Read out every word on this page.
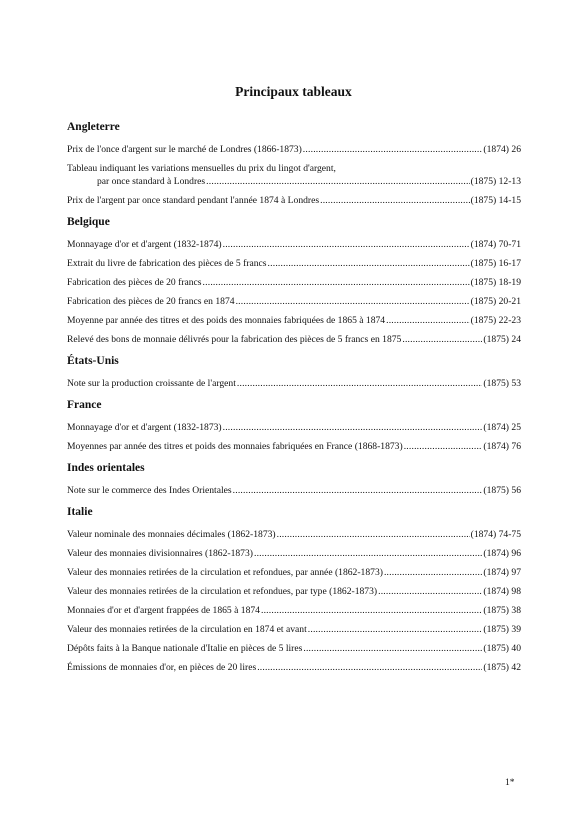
Principaux tableaux
Angleterre
Prix de l'once d'argent sur le marché de Londres (1866-1873) .....	(1874) 26
Tableau indiquant les variations mensuelles du prix du lingot d'argent,
par once standard à Londres .....	(1875) 12-13
Prix de l'argent par once standard pendant l'année 1874 à Londres .....	(1875) 14-15
Belgique
Monnayage d'or et d'argent (1832-1874) .....	(1874) 70-71
Extrait du livre de fabrication des pièces de 5 francs .....	(1875) 16-17
Fabrication des pièces de 20 francs .....	(1875) 18-19
Fabrication des pièces de 20 francs en 1874 .....	(1875) 20-21
Moyenne par année des titres et des poids des monnaies fabriquées de 1865 à 1874 .....	(1875) 22-23
Relevé des bons de monnaie délivrés pour la fabrication des pièces de 5 francs en 1875 .....	(1875) 24
États-Unis
Note sur la production croissante de l'argent .....	(1875) 53
France
Monnayage d'or et d'argent (1832-1873) .....	(1874) 25
Moyennes par année des titres et poids des monnaies fabriquées en France (1868-1873) .....	(1874) 76
Indes orientales
Note sur le commerce des Indes Orientales .....	(1875) 56
Italie
Valeur nominale des monnaies décimales (1862-1873) .....	(1874) 74-75
Valeur des monnaies divisionnaires (1862-1873) .....	(1874) 96
Valeur des monnaies retirées de la circulation et refondues, par année (1862-1873) .....	(1874) 97
Valeur des monnaies retirées de la circulation et refondues, par type (1862-1873) .....	(1874) 98
Monnaies d'or et d'argent frappées de 1865 à 1874 .....	(1875) 38
Valeur des monnaies retirées de la circulation en 1874 et avant .....	(1875) 39
Dépôts faits à la Banque nationale d'Italie en pièces de 5 lires .....	(1875) 40
Émissions de monnaies d'or, en pièces de 20 lires .....	(1875) 42
1*
